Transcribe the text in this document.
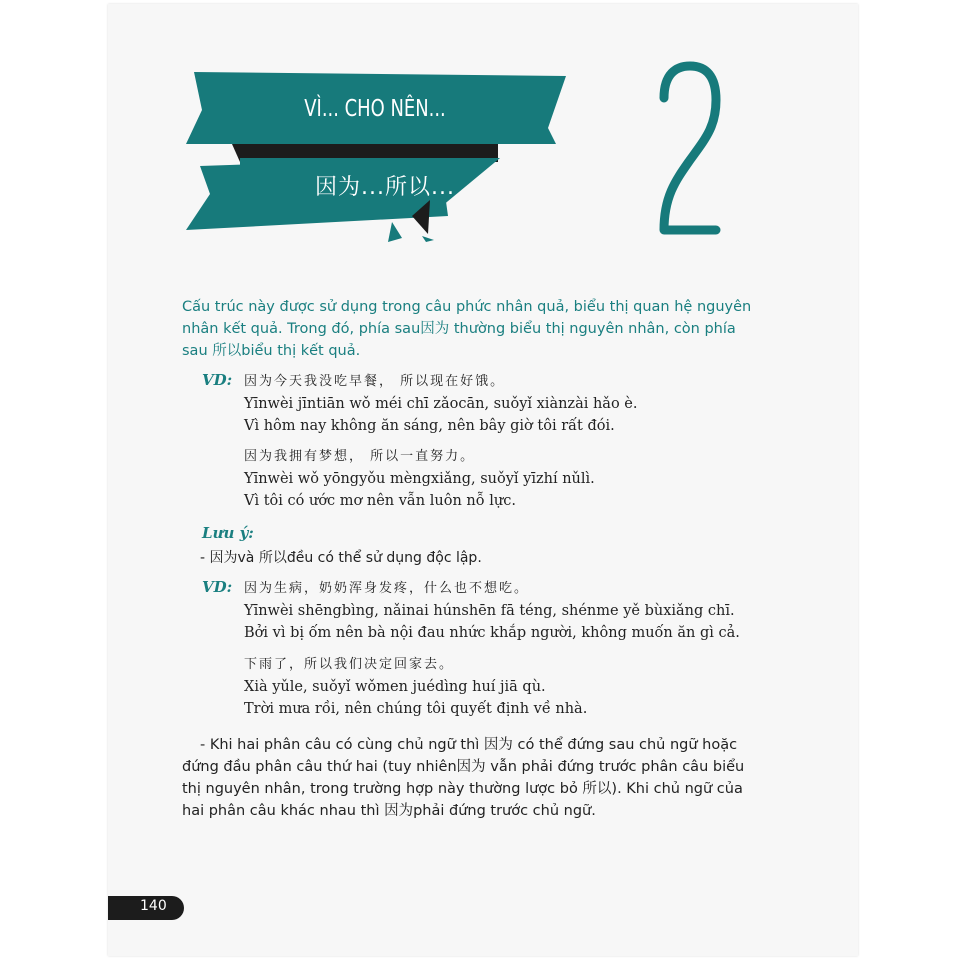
VÌ... CHO NÊN...
因为...所以...
Cấu trúc này được sử dụng trong câu phức nhân quả, biểu thị quan hệ nguyên
nhân kết quả. Trong đó, phía sau因为 thường biểu thị nguyên nhân, còn phía
sau 所以biểu thị kết quả.
VD: 因为今天我没吃早餐， 所以现在好饿。
Yīnwèi jīntiān wǒ méi chī zǎocān, suǒyǐ xiànzài hǎo è.
Vì hôm nay không ăn sáng, nên bây giờ tôi rất đói.
因为我拥有梦想， 所以一直努力。
Yīnwèi wǒ yōngyǒu mèngxiǎng, suǒyǐ yīzhí nǔlì.
Vì tôi có ước mơ nên vẫn luôn nỗ lực.
Lưu ý:
- 因为và 所以đều có thể sử dụng độc lập.
VD: 因为生病，奶奶浑身发疼，什么也不想吃。
Yīnwèi shēngbìng, nǎinai húnshēn fā téng, shénme yě bùxiǎng chī.
Bởi vì bị ốm nên bà nội đau nhức khắp người, không muốn ăn gì cả.
下雨了，所以我们决定回家去。
Xià yǔle, suǒyǐ wǒmen juédìng huí jiā qù.
Trời mưa rồi, nên chúng tôi quyết định về nhà.
- Khi hai phân câu có cùng chủ ngữ thì 因为 có thể đứng sau chủ ngữ hoặc
đứng đầu phân câu thứ hai (tuy nhiên因为 vẫn phải đứng trước phân câu biểu
thị nguyên nhân, trong trường hợp này thường lược bỏ 所以). Khi chủ ngữ của
hai phân câu khác nhau thì 因为phải đứng trước chủ ngữ.
140
